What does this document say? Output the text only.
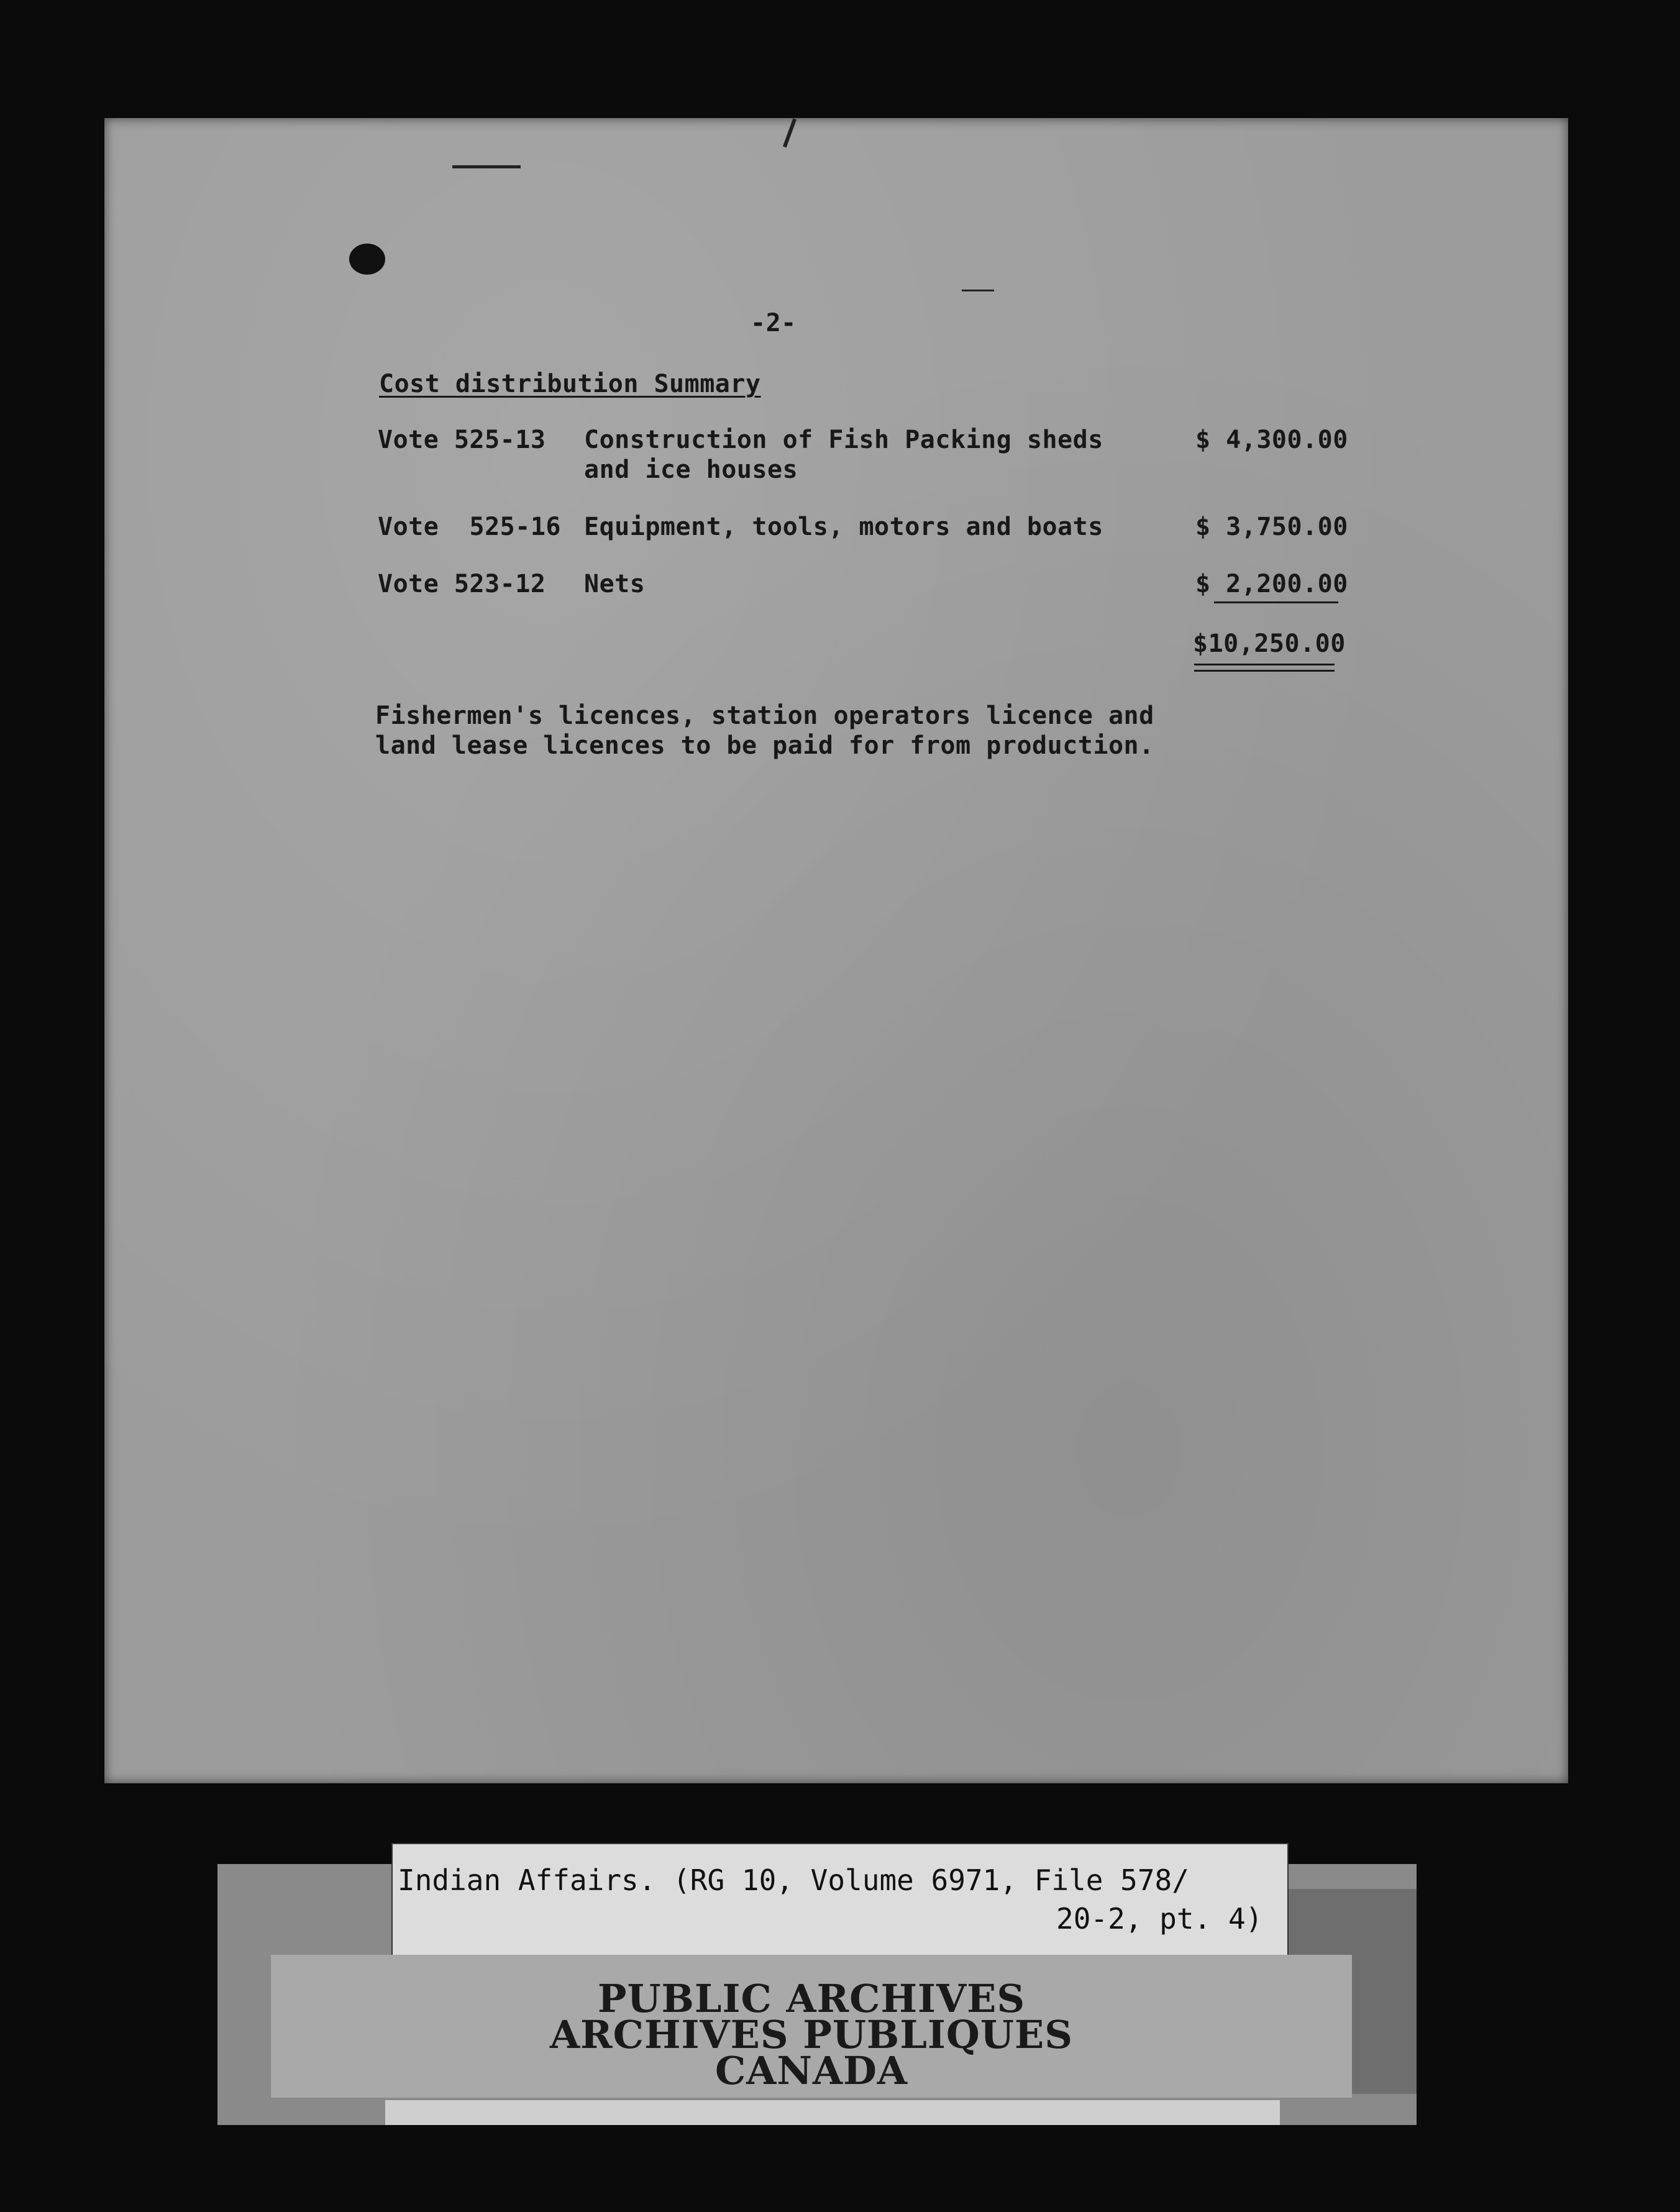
-2-
Cost distribution Summary
Vote 525-13 Construction of Fish Packing sheds
and ice houses
$ 4,300.00
Vote  525-16 Equipment, tools, motors and boats	$ 3,750.00
Vote 523-12 Nets	$ 2,200.00
$10,250.00
Fishermen's licences, station operators licence and
land lease licences to be paid for from production.
Indian Affairs. (RG 10, Volume 6971, File 578/
20-2, pt. 4)
PUBLIC ARCHIVES
ARCHIVES PUBLIQUES
CANADA
